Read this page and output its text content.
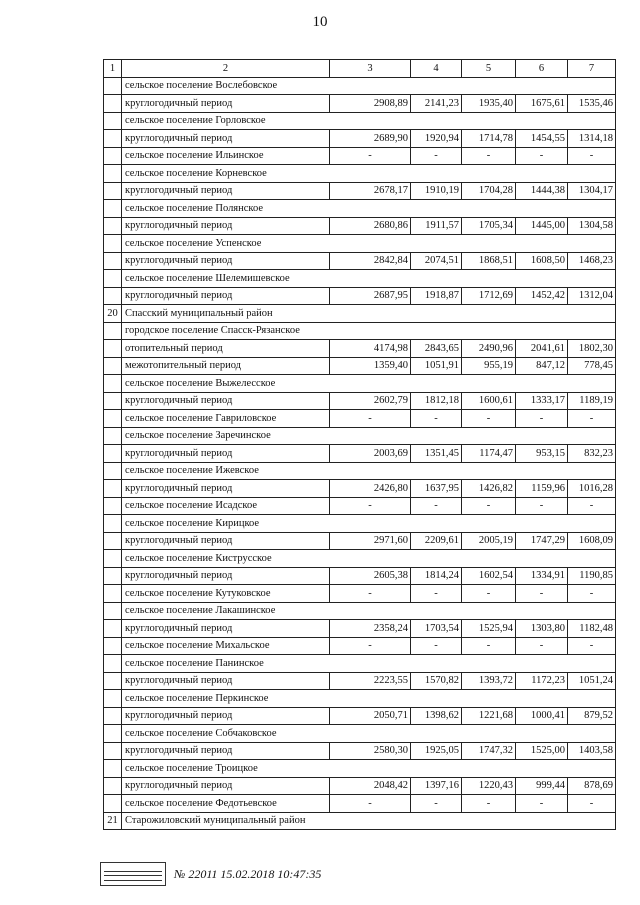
10
1	2	3	4	5	6	7
	сельское поселение Вослебовское					
	круглогодичный период	2908,89	2141,23	1935,40	1675,61	1535,46
	сельское поселение Горловское					
	круглогодичный период	2689,90	1920,94	1714,78	1454,55	1314,18
	сельское поселение Ильинское	-	-	-	-	-
	сельское поселение Корневское					
	круглогодичный период	2678,17	1910,19	1704,28	1444,38	1304,17
	сельское поселение Полянское					
	круглогодичный период	2680,86	1911,57	1705,34	1445,00	1304,58
	сельское поселение Успенское					
	круглогодичный период	2842,84	2074,51	1868,51	1608,50	1468,23
	сельское поселение Шелемишевское					
	круглогодичный период	2687,95	1918,87	1712,69	1452,42	1312,04
20	Спасский муниципальный район					
	городское поселение Спасск-Рязанское					
	отопительный период	4174,98	2843,65	2490,96	2041,61	1802,30
	межотопительный период	1359,40	1051,91	955,19	847,12	778,45
	сельское поселение Выжелесское					
	круглогодичный период	2602,79	1812,18	1600,61	1333,17	1189,19
	сельское поселение Гавриловское	-	-	-	-	-
	сельское поселение Заречинское					
	круглогодичный период	2003,69	1351,45	1174,47	953,15	832,23
	сельское поселение Ижевское					
	круглогодичный период	2426,80	1637,95	1426,82	1159,96	1016,28
	сельское поселение Исадское	-	-	-	-	-
	сельское поселение Кирицкое					
	круглогодичный период	2971,60	2209,61	2005,19	1747,29	1608,09
	сельское поселение Киструсское					
	круглогодичный период	2605,38	1814,24	1602,54	1334,91	1190,85
	сельское поселение Кутуковское	-	-	-	-	-
	сельское поселение Лакашинское					
	круглогодичный период	2358,24	1703,54	1525,94	1303,80	1182,48
	сельское поселение Михальское	-	-	-	-	-
	сельское поселение Панинское					
	круглогодичный период	2223,55	1570,82	1393,72	1172,23	1051,24
	сельское поселение Перкинское					
	круглогодичный период	2050,71	1398,62	1221,68	1000,41	879,52
	сельское поселение Собчаковское					
	круглогодичный период	2580,30	1925,05	1747,32	1525,00	1403,58
	сельское поселение Троицкое					
	круглогодичный период	2048,42	1397,16	1220,43	999,44	878,69
	сельское поселение Федотьевское	-	-	-	-	-
21	Старожиловский муниципальный район					
№ 22011 15.02.2018 10:47:35
